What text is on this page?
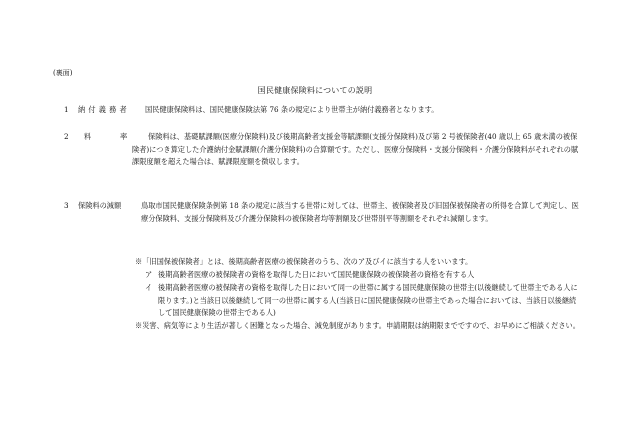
(裏面)
国民健康保険料についての説明
1 納付義務者 国民健康保険料は、国民健康保険法第 76 条の規定により世帯主が納付義務者となります。
2 料	率	保険料は、基礎賦課額(医療分保険料)及び後期高齢者支援金等賦課額(支援分保険料)及び第 2 号被保険者(40 歳以上 65 歳未満の被保険者)につき算定した介護納付金賦課額(介護分保険料)の合算額です。ただし、医療分保険料・支援分保険料・介護分保険料がそれぞれの賦課限度額を超えた場合は、賦課限度額を徴収します。
3 保険料の減額	鳥取市国民健康保険条例第 18 条の規定に該当する世帯に対しては、世帯主、被保険者及び旧国保被保険者の所得を合算して判定し、医療分保険料、支援分保険料及び介護分保険料の被保険者均等割額及び世帯別平等割額をそれぞれ減額します。
※「旧国保被保険者」とは、後期高齢者医療の被保険者のうち、次のア及びイに該当する人をいいます。
ア 後期高齢者医療の被保険者の資格を取得した日において国民健康保険の被保険者の資格を有する人
イ 後期高齢者医療の被保険者の資格を取得した日において同一の世帯に属する国民健康保険の世帯主(以後継続して世帯主である人に限ります。)と当該日以後継続して同一の世帯に属する人(当該日に国民健康保険の世帯主であった場合においては、当該日以後継続して国民健康保険の世帯主である人)
※災害、病気等により生活が著しく困難となった場合、減免制度があります。申請期限は納期限までですので、お早めにご相談ください。
